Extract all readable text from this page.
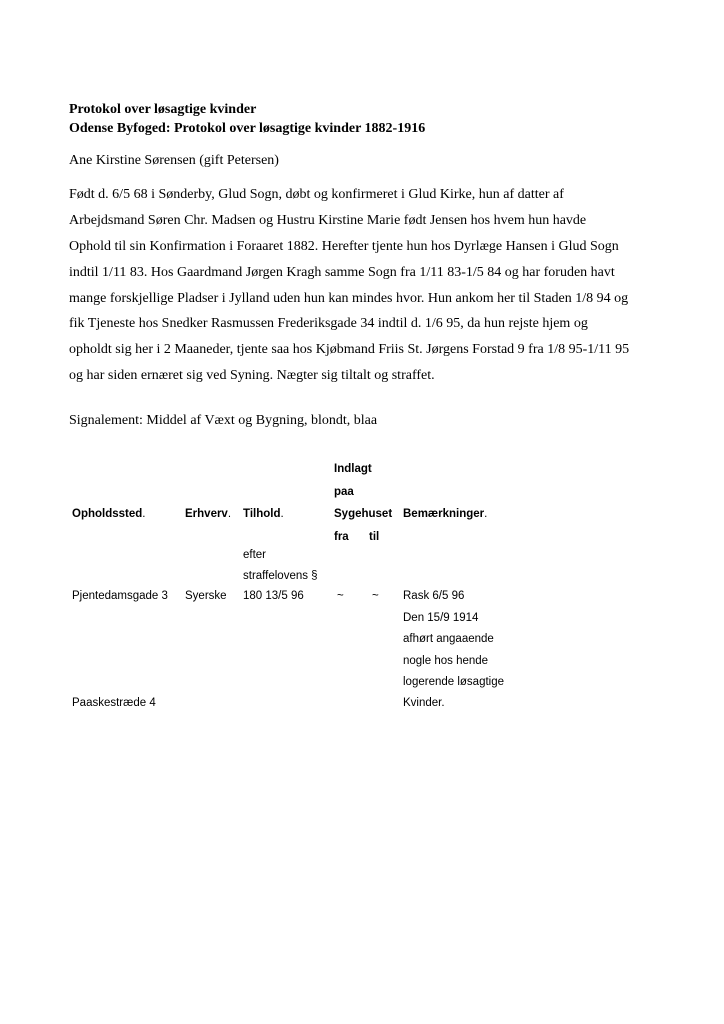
Protokol over løsagtige kvinder
Odense Byfoged: Protokol over løsagtige kvinder 1882-1916
Ane Kirstine Sørensen (gift Petersen)
Født d. 6/5 68 i Sønderby, Glud Sogn, døbt og konfirmeret i Glud Kirke, hun af datter af
Arbejdsmand Søren Chr. Madsen og Hustru Kirstine Marie født Jensen hos hvem hun havde
Ophold til sin Konfirmation i Foraaret 1882. Herefter tjente hun hos Dyrlæge Hansen i Glud Sogn
indtil 1/11 83. Hos Gaardmand Jørgen Kragh samme Sogn fra 1/11 83-1/5 84 og har foruden havt
mange forskjellige Pladser i Jylland uden hun kan mindes hvor. Hun ankom her til Staden 1/8 94 og
fik Tjeneste hos Snedker Rasmussen Frederiksgade 34 indtil d. 1/6 95, da hun rejste hjem og
opholdt sig her i 2 Maaneder, tjente saa hos Kjøbmand Friis St. Jørgens Forstad 9 fra 1/8 95-1/11 95
og har siden ernæret sig ved Syning. Nægter sig tiltalt og straffet.
Signalement: Middel af Væxt og Bygning, blondt, blaa
Opholdssted.	Erhverv. Tilhold.
Indlagt
paa
Sygehuset
fra til
Bemærkninger.
efter
straffelovens §
Pjentedamsgade 3 Syerske 180 13/5 96	~ ~ Rask 6/5 96
Den 15/9 1914
afhørt angaaende
nogle hos hende
logerende løsagtige
Kvinder.
Paaskestræde 4
